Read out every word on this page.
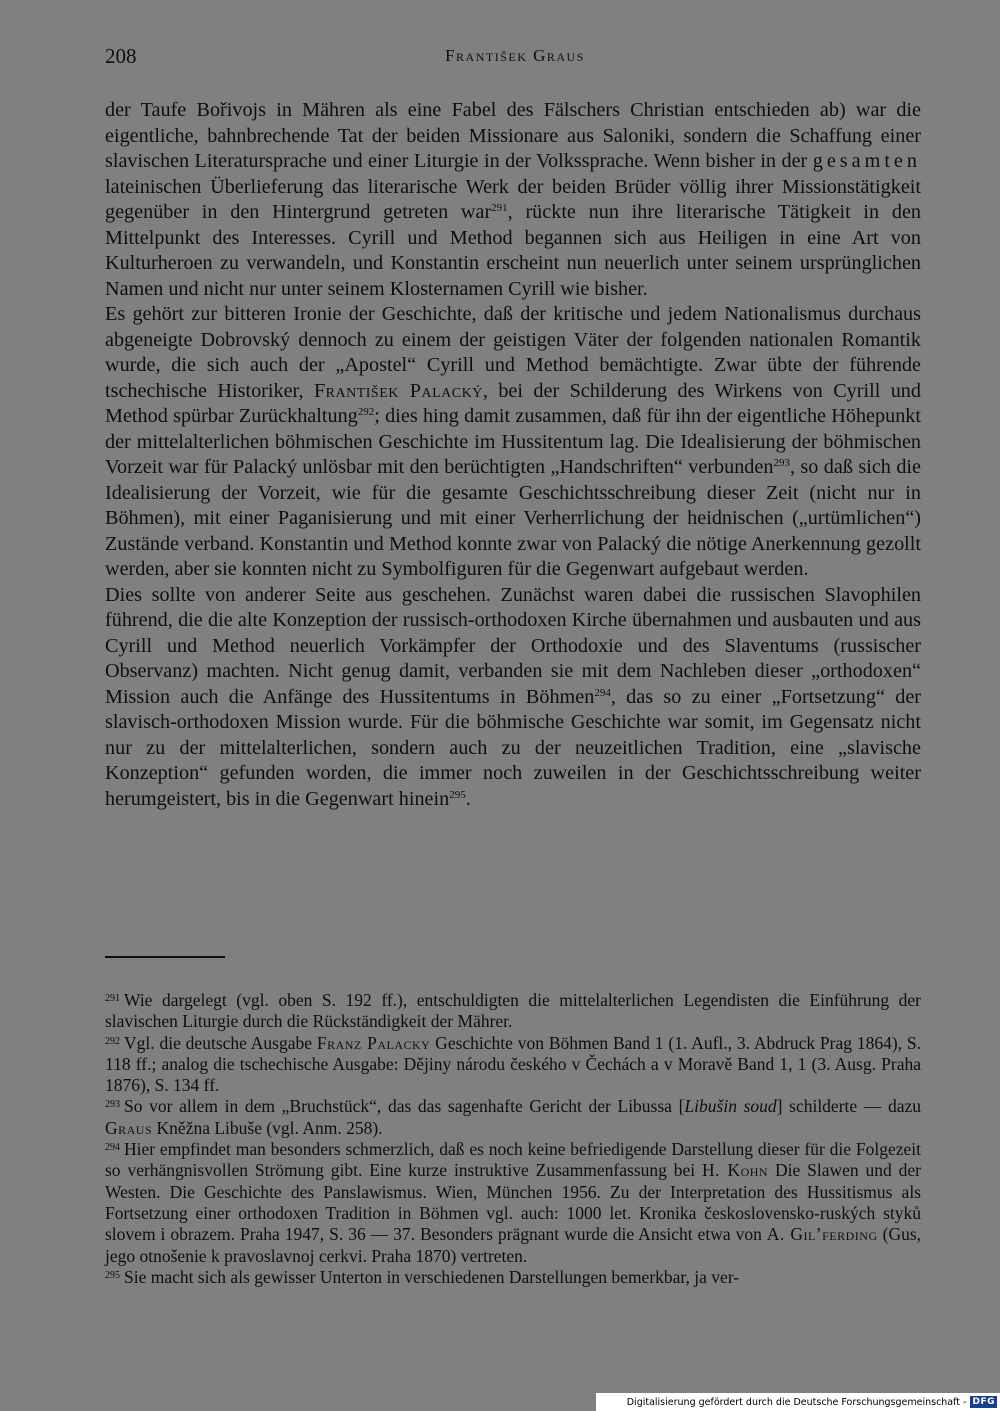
208	František Graus

der Taufe Bořivojs in Mähren als eine Fabel des Fälschers Christian entschieden ab) war die eigentliche, bahnbrechende Tat der beiden Missionare aus Saloniki, sondern die Schaffung einer slavischen Literatursprache und einer Liturgie in der Volkssprache. Wenn bisher in der gesamten lateinischen Überlieferung das literarische Werk der beiden Brüder völlig ihrer Missionstätigkeit gegenüber in den Hintergrund getreten war$^{291}$, rückte nun ihre literarische Tätigkeit in den Mittelpunkt des Interesses. Cyrill und Method begannen sich aus Heiligen in eine Art von Kulturheroen zu verwandeln, und Konstantin erscheint nun neuerlich unter seinem ursprünglichen Namen und nicht nur unter seinem Klosternamen Cyrill wie bisher.

Es gehört zur bitteren Ironie der Geschichte, daß der kritische und jedem Nationalismus durchaus abgeneigte Dobrovský dennoch zu einem der geistigen Väter der folgenden nationalen Romantik wurde, die sich auch der „Apostel“ Cyrill und Method bemächtigte. Zwar übte der führende tschechische Historiker, František Palacký, bei der Schilderung des Wirkens von Cyrill und Method spürbar Zurückhaltung$^{292}$; dies hing damit zusammen, daß für ihn der eigentliche Höhepunkt der mittelalterlichen böhmischen Geschichte im Hussitentum lag. Die Idealisierung der böhmischen Vorzeit war für Palacký unlösbar mit den berüchtigten „Handschriften“ verbunden$^{293}$, so daß sich die Idealisierung der Vorzeit, wie für die gesamte Geschichtsschreibung dieser Zeit (nicht nur in Böhmen), mit einer Paganisierung und mit einer Verherrlichung der heidnischen („urtümlichen“) Zustände verband. Konstantin und Method konnte zwar von Palacký die nötige Anerkennung gezollt werden, aber sie konnten nicht zu Symbolfiguren für die Gegenwart aufgebaut werden.

Dies sollte von anderer Seite aus geschehen. Zunächst waren dabei die russischen Slavophilen führend, die die alte Konzeption der russisch-orthodoxen Kirche übernahmen und ausbauten und aus Cyrill und Method neuerlich Vorkämpfer der Orthodoxie und des Slaventums (russischer Observanz) machten. Nicht genug damit, verbanden sie mit dem Nachleben dieser „orthodoxen“ Mission auch die Anfänge des Hussitentums in Böhmen$^{294}$, das so zu einer „Fortsetzung“ der slavisch-orthodoxen Mission wurde. Für die böhmische Geschichte war somit, im Gegensatz nicht nur zu der mittelalterlichen, sondern auch zu der neuzeitlichen Tradition, eine „slavische Konzeption“ gefunden worden, die immer noch zuweilen in der Geschichtsschreibung weiter herumgeistert, bis in die Gegenwart hinein$^{295}$.

$^{291}$ Wie dargelegt (vgl. oben S. 192 ff.), entschuldigten die mittelalterlichen Legendisten die Einführung der slavischen Liturgie durch die Rückständigkeit der Mährer.

$^{292}$ Vgl. die deutsche Ausgabe Franz Palacky Geschichte von Böhmen Band 1 (1. Aufl., 3. Abdruck Prag 1864), S. 118 ff.; analog die tschechische Ausgabe: Dějiny národu českého v Čechách a v Moravě Band 1, 1 (3. Ausg. Praha 1876), S. 134 ff.

$^{293}$ So vor allem in dem „Bruchstück“, das das sagenhafte Gericht der Libussa [Libušin soud] schilderte — dazu Graus Kněžna Libuše (vgl. Anm. 258).

$^{294}$ Hier empfindet man besonders schmerzlich, daß es noch keine befriedigende Darstellung dieser für die Folgezeit so verhängnisvollen Strömung gibt. Eine kurze instruktive Zusammenfassung bei H. Kohn Die Slawen und der Westen. Die Geschichte des Panslawismus. Wien, München 1956. Zu der Interpretation des Hussitismus als Fortsetzung einer orthodoxen Tradition in Böhmen vgl. auch: 1000 let. Kronika československo-ruských styků slovem i obrazem. Praha 1947, S. 36 — 37. Besonders prägnant wurde die Ansicht etwa von A. Gil’ferding (Gus, jego otnošenie k pravoslavnoj cerkvi. Praha 1870) vertreten.

$^{295}$ Sie macht sich als gewisser Unterton in verschiedenen Darstellungen bemerkbar, ja ver-

Digitalisierung gefördert durch die Deutsche Forschungsgemeinschaft - DFG
